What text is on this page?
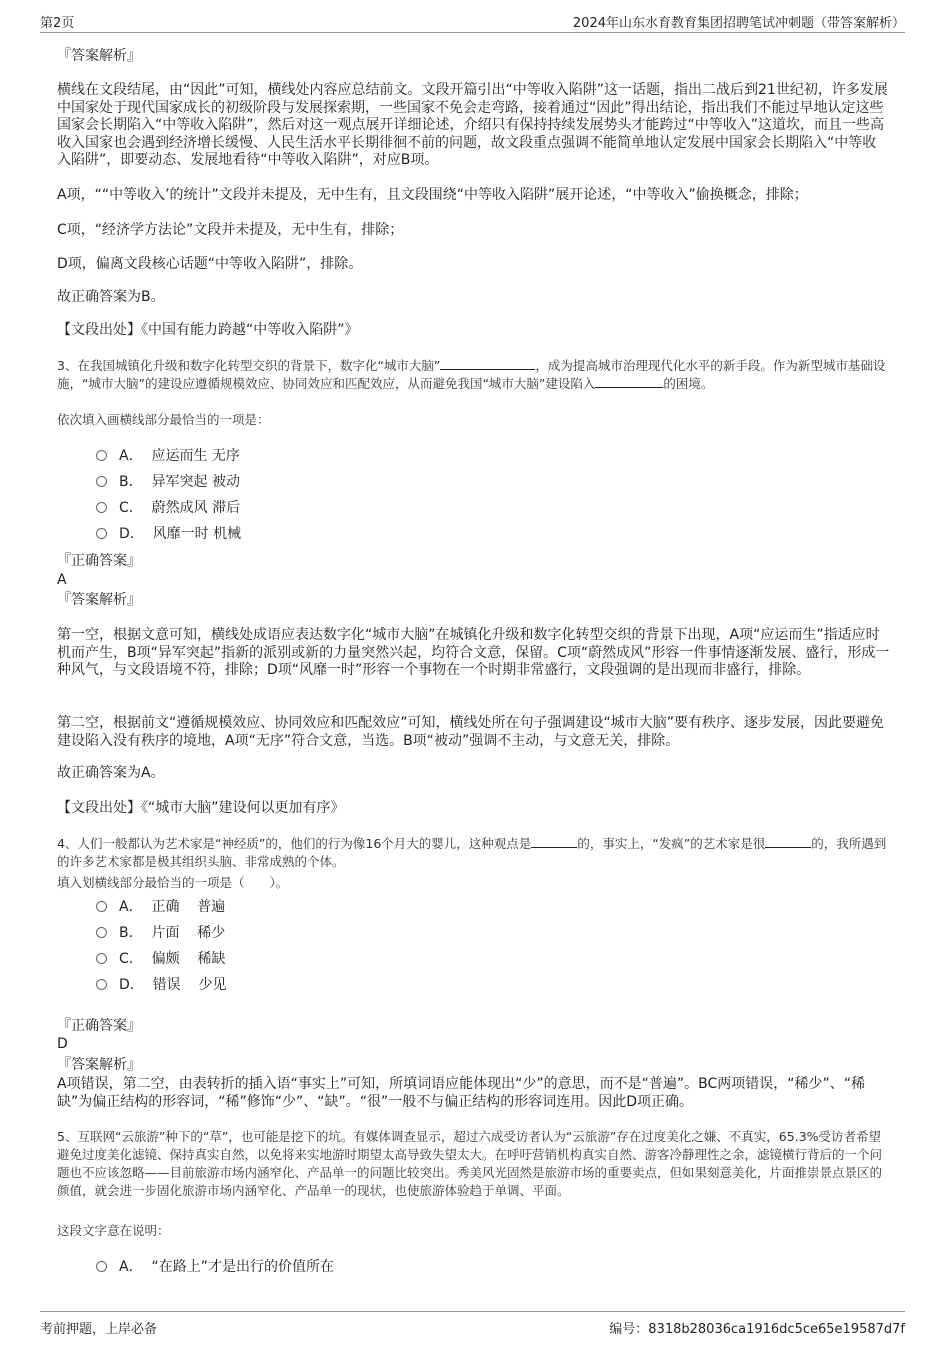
第2页	2024年山东水育教育集团招聘笔试冲刺题（带答案解析）
『答案解析』
横线在文段结尾，由“因此”可知，横线处内容应总结前文。文段开篇引出“中等收入陷阱”这一话题，指出二战后到21世纪初，许多发展中国家处于现代国家成长的初级阶段与发展探索期，一些国家不免会走弯路，接着通过“因此”得出结论，指出我们不能过早地认定这些国家会长期陷入“中等收入陷阱”，然后对这一观点展开详细论述，介绍只有保持持续发展势头才能跨过“中等收入”这道坎，而且一些高收入国家也会遇到经济增长缓慢、人民生活水平长期徘徊不前的问题，故文段重点强调不能简单地认定发展中国家会长期陷入“中等收入陷阱”，即要动态、发展地看待“中等收入陷阱”，对应B项。
A项，““中等收入’的统计”文段并未提及，无中生有，且文段围绕“中等收入陷阱”展开论述，“中等收入”偷换概念，排除；
C项，“经济学方法论”文段并未提及，无中生有，排除；
D项，偏离文段核心话题“中等收入陷阱”，排除。
故正确答案为B。
【文段出处】《中国有能力跨越“中等收入陷阱”》
3、在我国城镇化升级和数字化转型交织的背景下，数字化“城市大脑”	，成为提高城市治理现代化水平的新手段。作为新型城市基础设施，“城市大脑”的建设应遵循规模效应、协同效应和匹配效应，从而避免我国“城市大脑”建设陷入	的困境。
依次填入画横线部分最恰当的一项是：
A．  应运而生 无序
B．  异军突起 被动
C．  蔚然成风 滞后
D．  风靡一时 机械
『正确答案』
A
『答案解析』
第一空，根据文意可知，横线处成语应表达数字化“城市大脑”在城镇化升级和数字化转型交织的背景下出现，A项“应运而生”指适应时机而产生，B项“异军突起”指新的派别或新的力量突然兴起，均符合文意，保留。C项“蔚然成风”形容一件事情逐渐发展、盛行，形成一种风气，与文段语境不符，排除；D项“风靡一时”形容一个事物在一个时期非常盛行，文段强调的是出现而非盛行，排除。
第二空，根据前文“遵循规模效应、协同效应和匹配效应”可知，横线处所在句子强调建设“城市大脑”要有秩序、逐步发展，因此要避免建设陷入没有秩序的境地，A项“无序”符合文意，当选。B项“被动”强调不主动，与文意无关，排除。
故正确答案为A。
【文段出处】《“城市大脑”建设何以更加有序》
4、人们一般都认为艺术家是“神经质”的，他们的行为像16个月大的婴儿，这种观点是	的，事实上，“发疯”的艺术家是很	的，我所遇到的许多艺术家都是极其组织头脑、非常成熟的个体。
填入划横线部分最恰当的一项是（　　）。
A．  正确    普遍
B．  片面    稀少
C．  偏颇    稀缺
D．  错误    少见
『正确答案』
D
『答案解析』
A项错误，第二空，由表转折的插入语“事实上”可知，所填词语应能体现出“少”的意思，而不是“普遍”。BC两项错误，“稀少”、“稀缺”为偏正结构的形容词，“稀”修饰“少”、“缺”。“很”一般不与偏正结构的形容词连用。因此D项正确。
5、互联网“云旅游”种下的“草”，也可能是挖下的坑。有媒体调查显示，超过六成受访者认为“云旅游”存在过度美化之嫌、不真实，65.3%受访者希望避免过度美化滤镜、保持真实自然，以免将来实地游时期望太高导致失望太大。在呼吁营销机构真实自然、游客冷静理性之余，滤镜横行背后的一个问题也不应该忽略——目前旅游市场内涵窄化、产品单一的问题比较突出。秀美风光固然是旅游市场的重要卖点，但如果刻意美化，片面推崇景点景区的颜值，就会进一步固化旅游市场内涵窄化、产品单一的现状，也使旅游体验趋于单调、平面。
这段文字意在说明：
A．  “在路上”才是出行的价值所在
考前押题，上岸必备	编号：8318b28036ca1916dc5ce65e19587d7f
